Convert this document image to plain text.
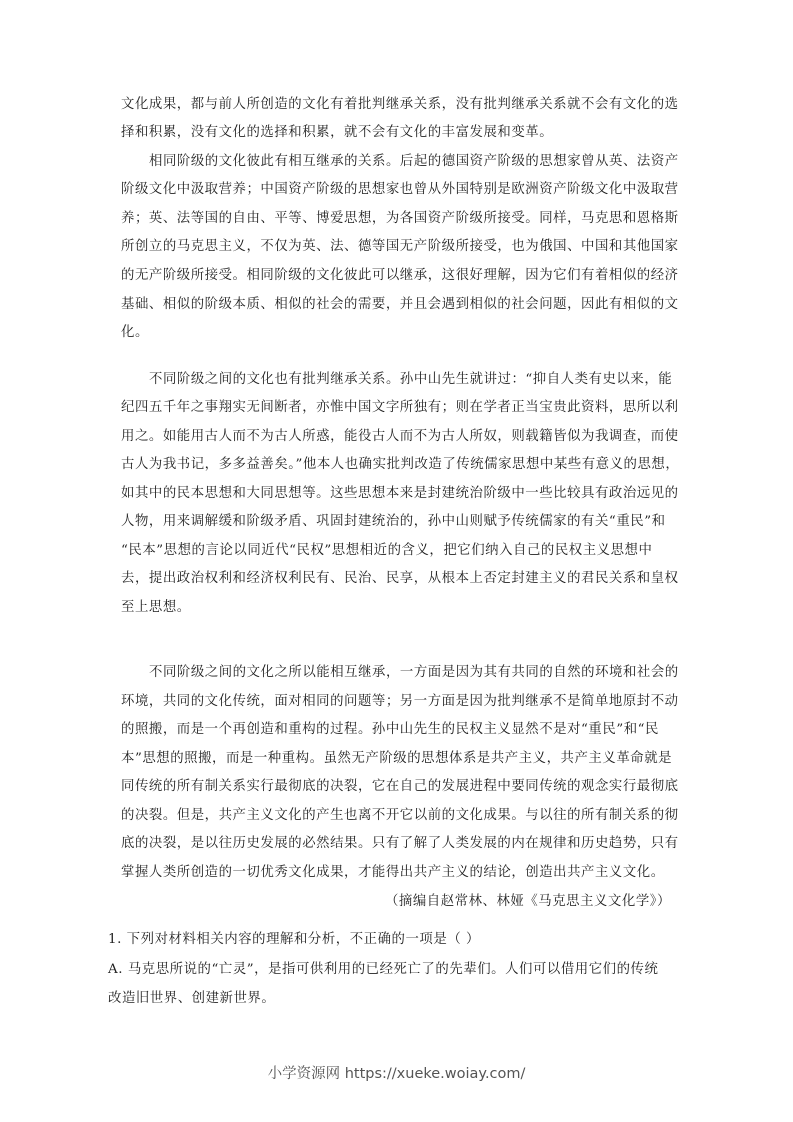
文化成果，都与前人所创造的文化有着批判继承关系，没有批判继承关系就不会有文化的选
择和积累，没有文化的选择和积累，就不会有文化的丰富发展和变革。
相同阶级的文化彼此有相互继承的关系。后起的德国资产阶级的思想家曾从英、法资产
阶级文化中汲取营养；中国资产阶级的思想家也曾从外国特别是欧洲资产阶级文化中汲取营
养；英、法等国的自由、平等、博爱思想，为各国资产阶级所接受。同样，马克思和恩格斯
所创立的马克思主义，不仅为英、法、德等国无产阶级所接受，也为俄国、中国和其他国家
的无产阶级所接受。相同阶级的文化彼此可以继承，这很好理解，因为它们有着相似的经济
基础、相似的阶级本质、相似的社会的需要，并且会遇到相似的社会问题，因此有相似的文
化。
不同阶级之间的文化也有批判继承关系。孙中山先生就讲过：“抑自人类有史以来，能
纪四五千年之事翔实无间断者，亦惟中国文字所独有；则在学者正当宝贵此资料，思所以利
用之。如能用古人而不为古人所惑，能役古人而不为古人所奴，则载籍皆似为我调查，而使
古人为我书记，多多益善矣。”他本人也确实批判改造了传统儒家思想中某些有意义的思想，
如其中的民本思想和大同思想等。这些思想本来是封建统治阶级中一些比较具有政治远见的
人物，用来调解缓和阶级矛盾、巩固封建统治的，孙中山则赋予传统儒家的有关“重民”和
“民本”思想的言论以同近代“民权”思想相近的含义，把它们纳入自己的民权主义思想中
去，提出政治权利和经济权利民有、民治、民享，从根本上否定封建主义的君民关系和皇权
至上思想。
不同阶级之间的文化之所以能相互继承，一方面是因为其有共同的自然的环境和社会的
环境，共同的文化传统，面对相同的问题等；另一方面是因为批判继承不是简单地原封不动
的照搬，而是一个再创造和重构的过程。孙中山先生的民权主义显然不是对“重民”和“民
本”思想的照搬，而是一种重构。虽然无产阶级的思想体系是共产主义，共产主义革命就是
同传统的所有制关系实行最彻底的决裂，它在自己的发展进程中要同传统的观念实行最彻底
的决裂。但是，共产主义文化的产生也离不开它以前的文化成果。与以往的所有制关系的彻
底的决裂，是以往历史发展的必然结果。只有了解了人类发展的内在规律和历史趋势，只有
掌握人类所创造的一切优秀文化成果，才能得出共产主义的结论，创造出共产主义文化。
（摘编自赵常林、林娅《马克思主义文化学》）
1. 下列对材料相关内容的理解和分析，不正确的一项是（ ）
A. 马克思所说的“亡灵”，是指可供利用的已经死亡了的先辈们。人们可以借用它们的传统
改造旧世界、创建新世界。
小学资源网 https://xueke.woiay.com/
